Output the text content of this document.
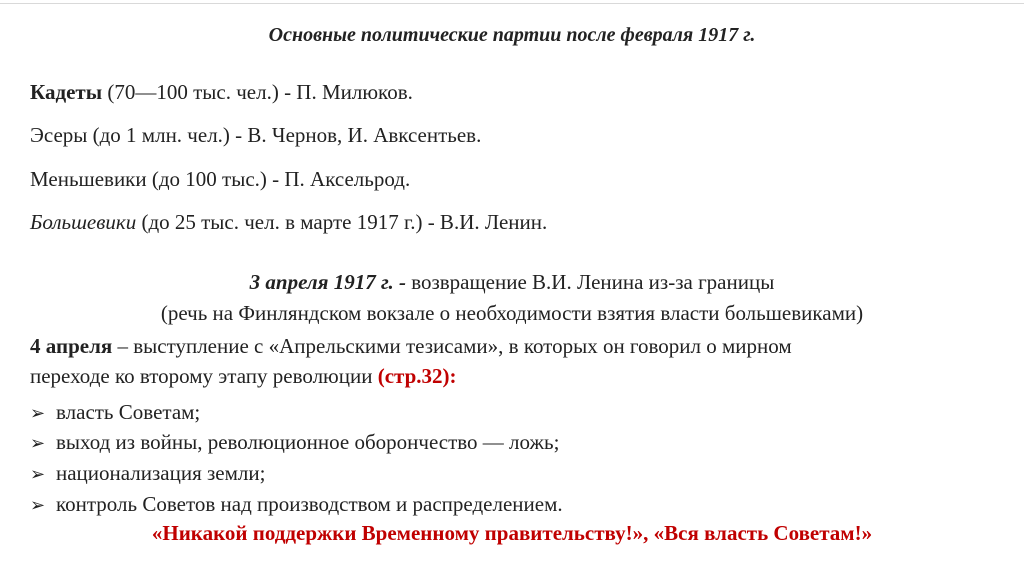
Основные политические партии после февраля 1917 г.
Кадеты (70—100 тыс. чел.) - П. Милюков.
Эсеры (до 1 млн. чел.) - В. Чернов, И. Авксентьев.
Меньшевики (до 100 тыс.) - П. Аксельрод.
Большевики (до 25 тыс. чел. в марте 1917 г.) - В.И. Ленин.
3 апреля 1917 г. - возвращение В.И. Ленина из-за границы
(речь на Финляндском вокзале о необходимости взятия власти большевиками)
4 апреля – выступление с «Апрельскими тезисами», в которых он говорил о мирном
переходе ко второму этапу революции (стр.32):
➢ власть Советам;
➢ выход из войны, революционное оборончество — ложь;
➢ национализация земли;
➢ контроль Советов над производством и распределением.
«Никакой поддержки Временному правительству!», «Вся власть Советам!»
